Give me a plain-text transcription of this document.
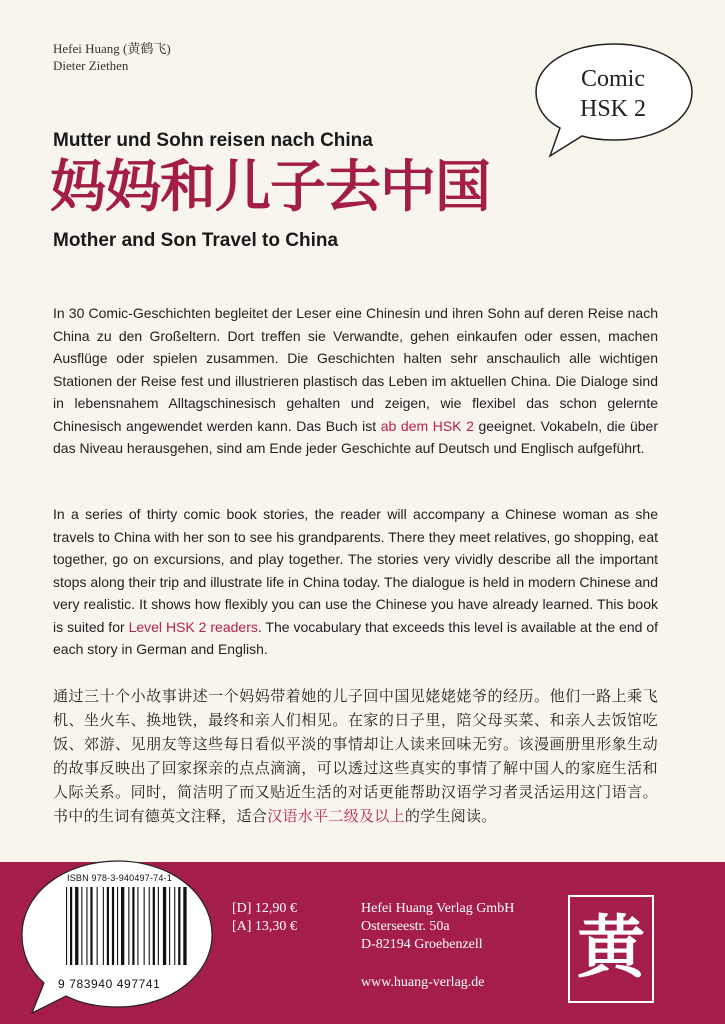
Hefei Huang (黄鹤飞)
Dieter Ziethen
Comic
HSK 2
Mutter und Sohn reisen nach China
妈妈和儿子去中国
Mother and Son Travel to China
In 30 Comic-Geschichten begleitet der Leser eine Chinesin und ihren Sohn auf deren Reise nach China zu den Großeltern. Dort treffen sie Verwandte, gehen einkaufen oder essen, machen Ausflüge oder spielen zusammen. Die Geschichten halten sehr anschaulich alle wichtigen Stationen der Reise fest und illustrieren plastisch das Leben im aktuellen China. Die Dialoge sind in lebensnahem Alltagschinesisch gehalten und zeigen, wie flexibel das schon gelernte Chinesisch angewendet werden kann. Das Buch ist ab dem HSK 2 geeignet. Vokabeln, die über das Niveau herausgehen, sind am Ende jeder Geschichte auf Deutsch und Englisch aufgeführt.
In a series of thirty comic book stories, the reader will accompany a Chinese woman as she travels to China with her son to see his grandparents. There they meet relatives, go shopping, eat together, go on excursions, and play together. The stories very vividly describe all the important stops along their trip and illustrate life in China today. The dialogue is held in modern Chinese and very realistic. It shows how flexibly you can use the Chinese you have already learned. This book is suited for Level HSK 2 readers. The vocabulary that exceeds this level is available at the end of each story in German and English.
通过三十个小故事讲述一个妈妈带着她的儿子回中国见姥姥姥爷的经历。他们一路上乘飞机、坐火车、换地铁，最终和亲人们相见。在家的日子里，陪父母买菜、和亲人去饭馆吃饭、郊游、见朋友等这些每日看似平淡的事情却让人读来回味无穷。该漫画册里形象生动的故事反映出了回家探亲的点点滴滴，可以透过这些真实的事情了解中国人的家庭生活和人际关系。同时，简洁明了而又贴近生活的对话更能帮助汉语学习者灵活运用这门语言。书中的生词有德英文注释，适合汉语水平二级及以上的学生阅读。
ISBN 978-3-940497-74-1
9 783940 497741
[D] 12,90 €
[A] 13,30 €
Hefei Huang Verlag GmbH
Osterseestr. 50a
D-82194 Groebenzell
www.huang-verlag.de 黄
